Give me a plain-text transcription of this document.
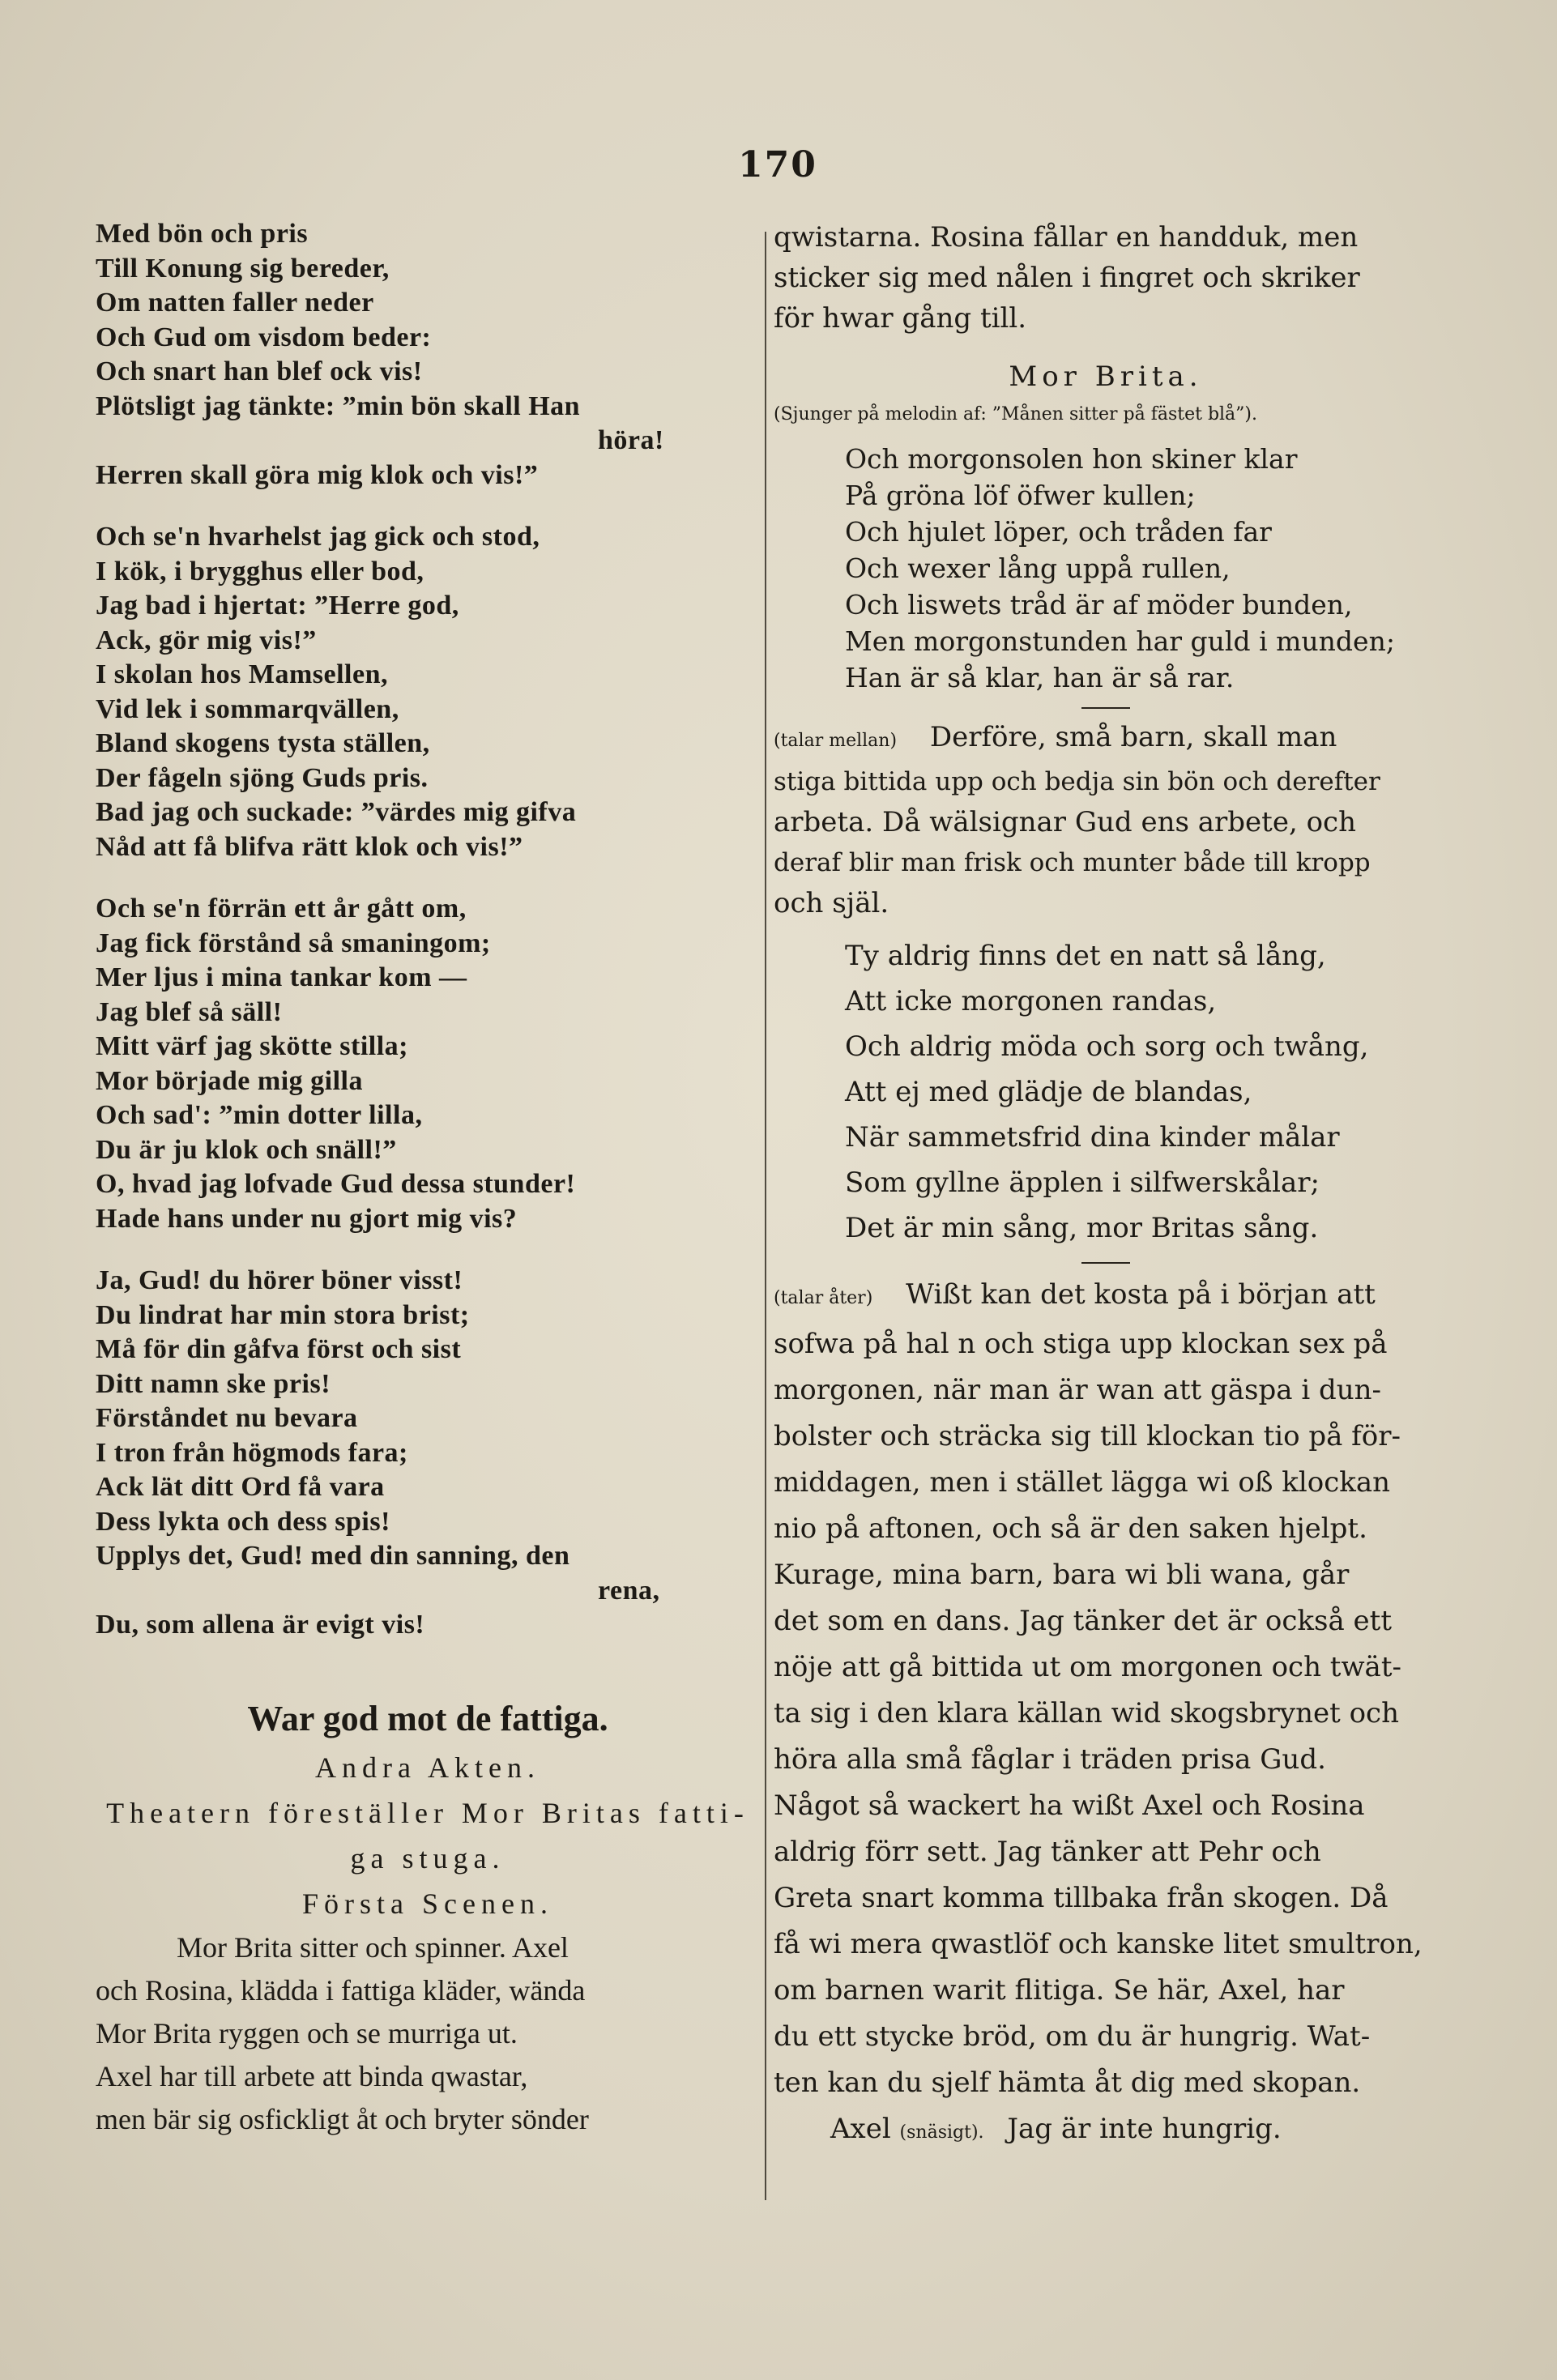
170
Med bön och pris
Till Konung sig bereder,
Om natten faller neder
Och Gud om visdom beder:
Och snart han blef ock vis!
Plötsligt jag tänkte: ”min bön skall Han
höra!
Herren skall göra mig klok och vis!”
Och se'n hvarhelst jag gick och stod,
I kök, i brygghus eller bod,
Jag bad i hjertat: ”Herre god,
Ack, gör mig vis!”
I skolan hos Mamsellen,
Vid lek i sommarqvällen,
Bland skogens tysta ställen,
Der fågeln sjöng Guds pris.
Bad jag och suckade: ”värdes mig gifva
Nåd att få blifva rätt klok och vis!”
Och se'n förrän ett år gått om,
Jag fick förstånd så smaningom;
Mer ljus i mina tankar kom —
Jag blef så säll!
Mitt värf jag skötte stilla;
Mor började mig gilla
Och sad': ”min dotter lilla,
Du är ju klok och snäll!”
O, hvad jag lofvade Gud dessa stunder!
Hade hans under nu gjort mig vis?
Ja, Gud! du hörer böner visst!
Du lindrat har min stora brist;
Må för din gåfva först och sist
Ditt namn ske pris!
Förståndet nu bevara
I tron från högmods fara;
Ack lät ditt Ord få vara
Dess lykta och dess spis!
Upplys det, Gud! med din sanning, den
rena,
Du, som allena är evigt vis!
War god mot de fattiga.
Andra Akten.
Theatern föreställer Mor Britas fatti-
ga stuga.
Första Scenen.
Mor Brita sitter och spinner. Axel
och Rosina, klädda i fattiga kläder, wända
Mor Brita ryggen och se murriga ut.
Axel har till arbete att binda qwastar,
men bär sig osfickligt åt och bryter sönder
qwistarna. Rosina fållar en handduk, men
sticker sig med nålen i fingret och skriker
för hwar gång till.
Mor Brita.
(Sjunger på melodin af: ”Månen sitter på fästet blå”).
Och morgonsolen hon skiner klar
På gröna löf öfwer kullen;
Och hjulet löper, och tråden far
Och wexer lång uppå rullen,
Och liswets tråd är af möder bunden,
Men morgonstunden har guld i munden;
Han är så klar, han är så rar.
(talar mellan) Derföre, små barn, skall man
stiga bittida upp och bedja sin bön och derefter
arbeta. Då wälsignar Gud ens arbete, och
deraf blir man frisk och munter både till kropp
och själ.
Ty aldrig finns det en natt så lång,
Att icke morgonen randas,
Och aldrig möda och sorg och twång,
Att ej med glädje de blandas,
När sammetsfrid dina kinder målar
Som gyllne äpplen i silfwerskålar;
Det är min sång, mor Britas sång.
(talar åter) Wißt kan det kosta på i början att
sofwa på hal n och stiga upp klockan sex på
morgonen, när man är wan att gäspa i dun-
bolster och sträcka sig till klockan tio på för-
middagen, men i stället lägga wi oß klockan
nio på aftonen, och så är den saken hjelpt.
Kurage, mina barn, bara wi bli wana, går
det som en dans. Jag tänker det är också ett
nöje att gå bittida ut om morgonen och twät-
ta sig i den klara källan wid skogsbrynet och
höra alla små fåglar i träden prisa Gud.
Något så wackert ha wißt Axel och Rosina
aldrig förr sett. Jag tänker att Pehr och
Greta snart komma tillbaka från skogen. Då
få wi mera qwastlöf och kanske litet smultron,
om barnen warit flitiga. Se här, Axel, har
du ett stycke bröd, om du är hungrig. Wat-
ten kan du sjelf hämta åt dig med skopan.
Axel (snäsigt). Jag är inte hungrig.
